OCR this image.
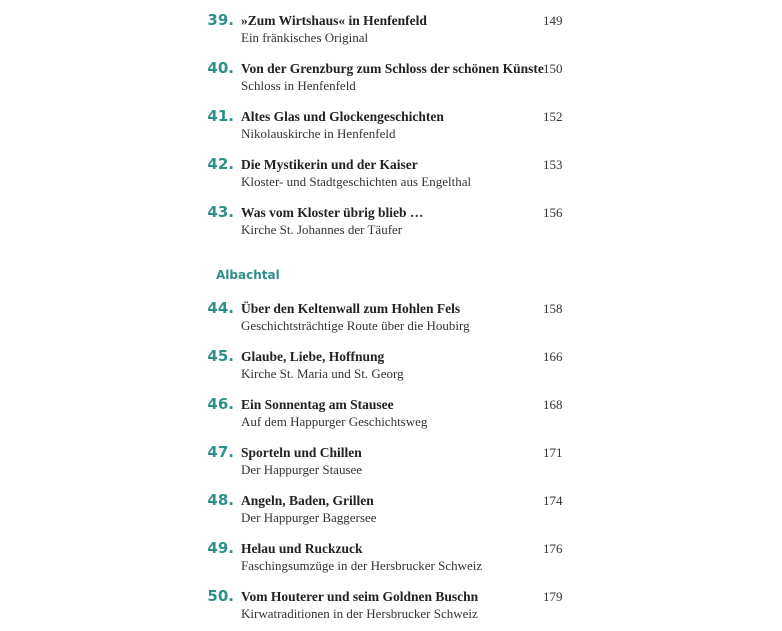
39. »Zum Wirtshaus« in Henfenfeld
Ein fränkisches Original
149
40. Von der Grenzburg zum Schloss der schönen Künste
Schloss in Henfenfeld
150
41. Altes Glas und Glockengeschichten
Nikolauskirche in Henfenfeld
152
42. Die Mystikerin und der Kaiser
Kloster- und Stadtgeschichten aus Engelthal
153
43. Was vom Kloster übrig blieb …
Kirche St. Johannes der Täufer
156
Albachtal
44. Über den Keltenwall zum Hohlen Fels
Geschichtsträchtige Route über die Houbirg
158
45. Glaube, Liebe, Hoffnung
Kirche St. Maria und St. Georg
166
46. Ein Sonnentag am Stausee
Auf dem Happurger Geschichtsweg
168
47. Sporteln und Chillen
Der Happurger Stausee
171
48. Angeln, Baden, Grillen
Der Happurger Baggersee
174
49. Helau und Ruckzuck
Faschingsumzüge in der Hersbrucker Schweiz
176
50. Vom Houterer und seim Goldnen Buschn
Kirwatraditionen in der Hersbrucker Schweiz
179
